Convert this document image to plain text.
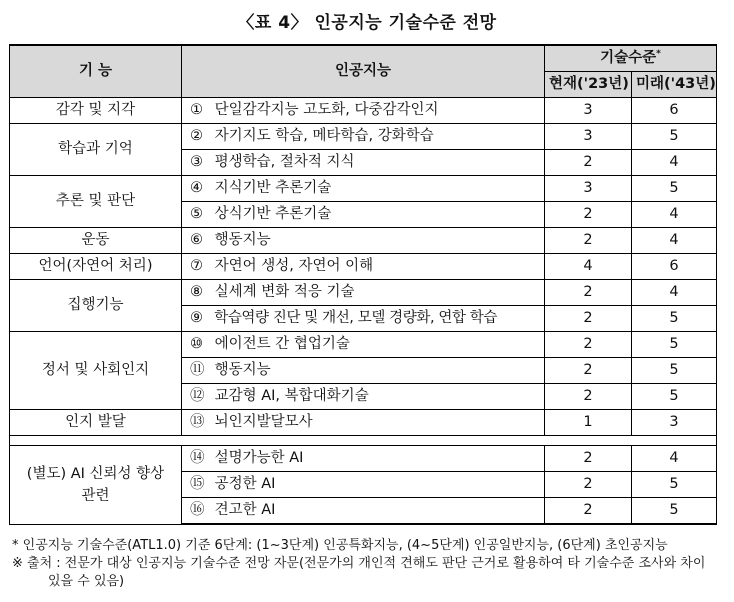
〈표 4〉 인공지능 기술수준 전망
기 능	인공지능	기술수준*
		현재('23년)	미래('43년)
감각 및 지각	① 단일감각지능 고도화, 다중감각인지	3	6
학습과 기억	② 자기지도 학습, 메타학습, 강화학습	3	5
	③ 평생학습, 절차적 지식	2	4
추론 및 판단	④ 지식기반 추론기술	3	5
	⑤ 상식기반 추론기술	2	4
운동	⑥ 행동지능	2	4
언어(자연어 처리)	⑦ 자연어 생성, 자연어 이해	4	6
집행기능	⑧ 실세계 변화 적응 기술	2	4
	⑨ 학습역량 진단 및 개선, 모델 경량화, 연합 학습	2	5
정서 및 사회인지	⑩ 에이전트 간 협업기술	2	5
	⑪ 행동지능	2	5
	⑫ 교감형 AI, 복합대화기술	2	5
인지 발달	⑬ 뇌인지발달모사	1	3

(별도) AI 신뢰성 향상
관련	⑭ 설명가능한 AI	2	4
	⑮ 공정한 AI	2	5
	⑯ 견고한 AI	2	5
*
인공지능 기술수준(ATL1.0) 기준 6단계: (1~3단계) 인공특화지능, (4~5단계) 인공일반지능, (6단계) 초인공지능
※
출처 : 전문가 대상 인공지능 기술수준 전망 자문(전문가의 개인적 견해도 판단 근거로 활용하여 타 기술수준 조사와 차이
있을 수 있음)
